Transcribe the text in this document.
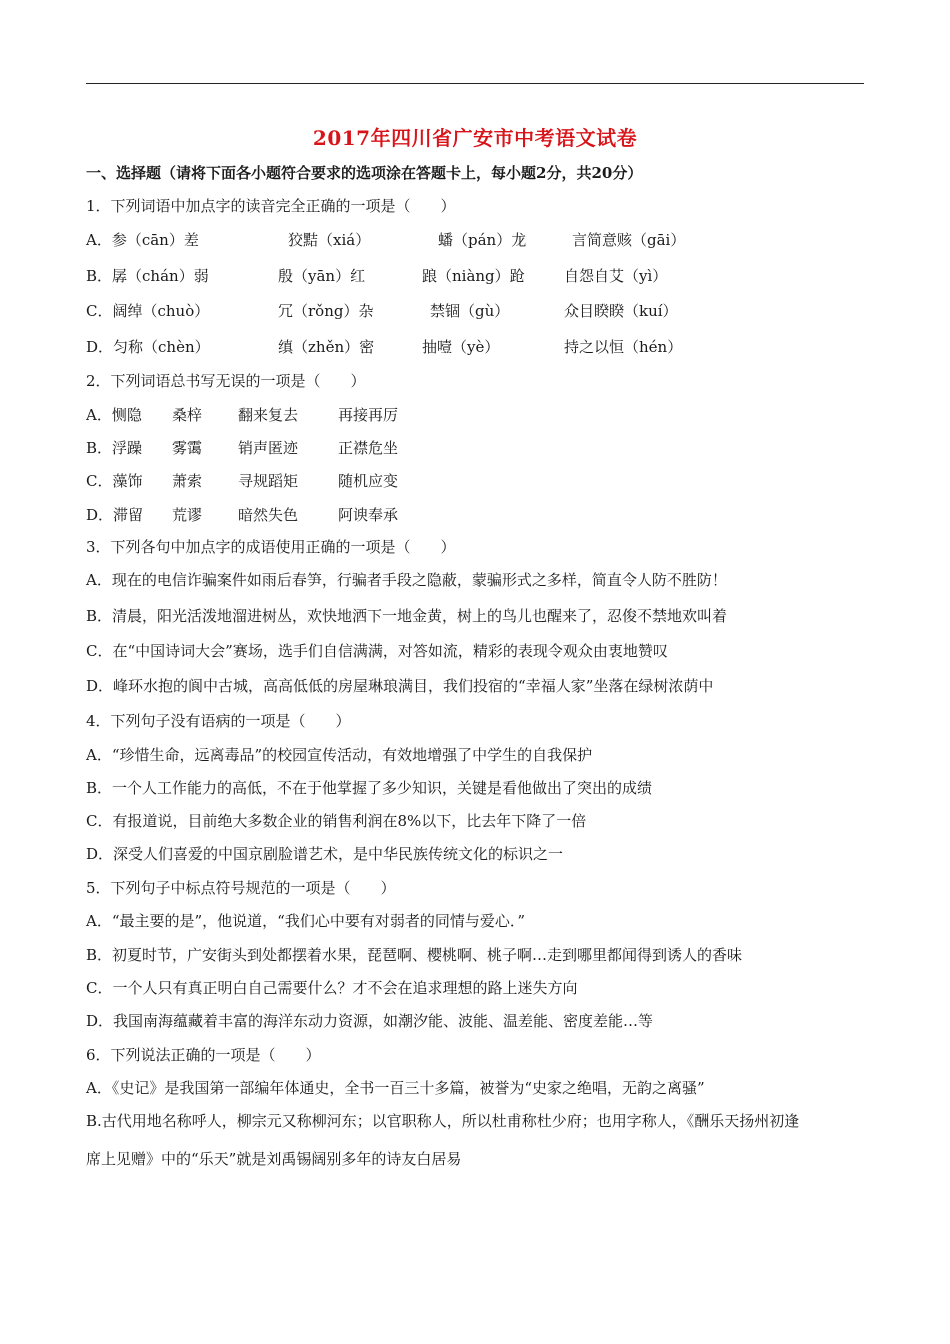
2017年四川省广安市中考语文试卷
一、选择题（请将下面各小题符合要求的选项涂在答题卡上，每小题2分，共20分）
1．下列词语中加点字的读音完全正确的一项是（　　）
A．参（cān）差	狡黠（xiá）	蟠（pán）龙	言简意赅（gāi）
B．孱（chán）弱	殷（yān）红	踉（niàng）跄	自怨自艾（yì）
C．阔绰（chuò）	冗（rǒng）杂	禁锢（gù）	众目睽睽（kuí）
D．匀称（chèn）	缜（zhěn）密	抽噎（yè）	持之以恒（hén）
2．下列词语总书写无误的一项是（　　）
A．恻隐 桑梓 翻来复去	再接再厉
B．浮躁 雾霭 销声匿迹	正襟危坐
C．藻饰 萧索 寻规蹈矩	随机应变
D．滞留 荒谬 暗然失色	阿谀奉承
3．下列各句中加点字的成语使用正确的一项是（　　）
A．现在的电信诈骗案件如雨后春笋，行骗者手段之隐蔽，蒙骗形式之多样，简直令人防不胜防！
B．清晨，阳光活泼地溜进树丛，欢快地洒下一地金黄，树上的鸟儿也醒来了，忍俊不禁地欢叫着
C．在“中国诗词大会”赛场，选手们自信满满，对答如流，精彩的表现令观众由衷地赞叹
D．峰环水抱的阆中古城，高高低低的房屋琳琅满目，我们投宿的“幸福人家”坐落在绿树浓荫中
4．下列句子没有语病的一项是（　　）
A．“珍惜生命，远离毒品”的校园宣传活动，有效地增强了中学生的自我保护
B．一个人工作能力的高低，不在于他掌握了多少知识，关键是看他做出了突出的成绩
C．有报道说，目前绝大多数企业的销售利润在8%以下，比去年下降了一倍
D．深受人们喜爱的中国京剧脸谱艺术，是中华民族传统文化的标识之一
5．下列句子中标点符号规范的一项是（　　）
A．“最主要的是”，他说道，“我们心中要有对弱者的同情与爱心．”
B．初夏时节，广安街头到处都摆着水果，琵琶啊、樱桃啊、桃子啊…走到哪里都闻得到诱人的香味
C．一个人只有真正明白自己需要什么？才不会在追求理想的路上迷失方向
D．我国南海蕴藏着丰富的海洋东动力资源，如潮汐能、波能、温差能、密度差能…等
6．下列说法正确的一项是（　　）
A．《史记》是我国第一部编年体通史，全书一百三十多篇，被誉为“史家之绝唱，无韵之离骚”
B.古代用地名称呼人，柳宗元又称柳河东；以官职称人，所以杜甫称杜少府；也用字称人，《酬乐天扬州初逢
席上见赠》中的“乐天”就是刘禹锡阔别多年的诗友白居易
